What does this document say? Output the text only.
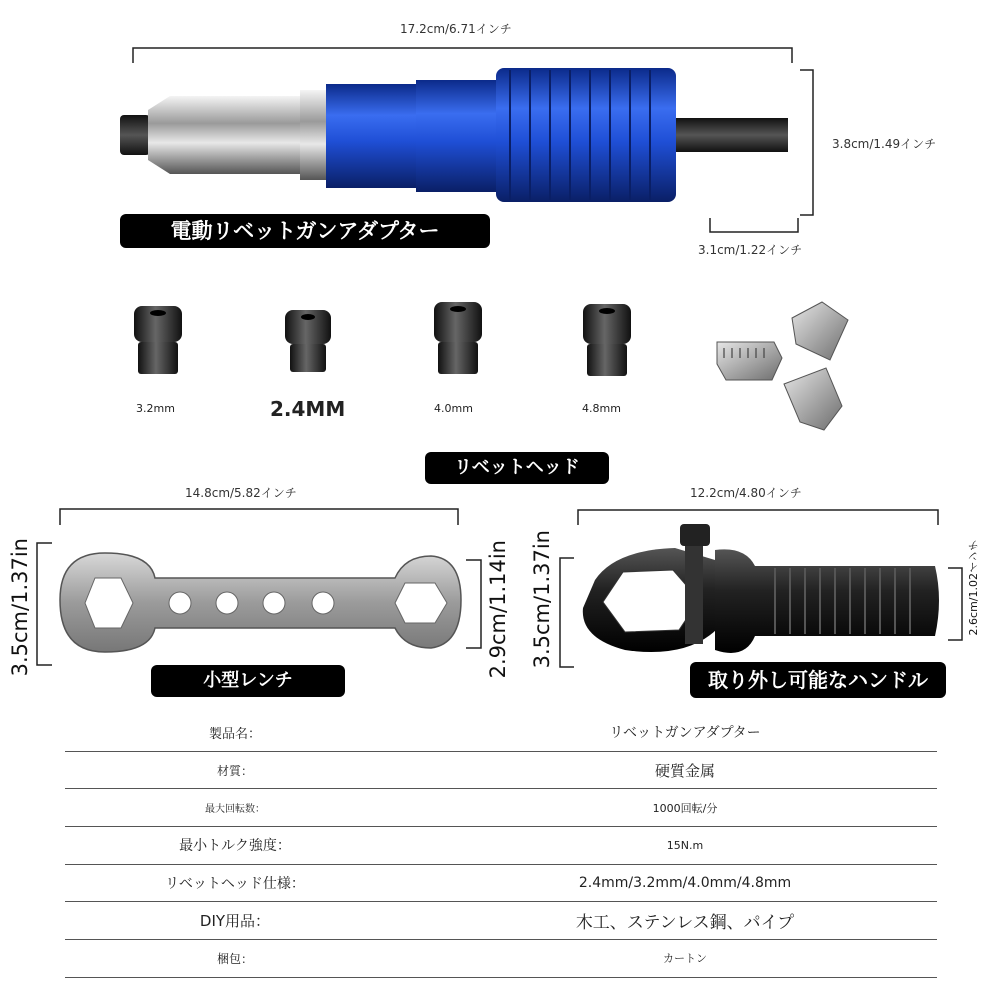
17.2cm/6.71インチ
3.8cm/1.49インチ
3.1cm/1.22インチ
電動リベットガンアダプター
3.2mm	2.4MM	4.0mm	4.8mm
リベットヘッド
14.8cm/5.82インチ	12.2cm/4.80インチ
3.5cm/1.37in	2.9cm/1.14in
小型レンチ
3.5cm/1.37in	2.6cm/1.02インチ
取り外し可能なハンドル
製品名：	リベットガンアダプター
材質：	硬質金属
最大回転数：	1000回転/分
最小トルク強度：	15N.m
リベットヘッド仕様：	2.4mm/3.2mm/4.0mm/4.8mm
DIY用品：	木工、ステンレス鋼、パイプ
梱包：	カートン
